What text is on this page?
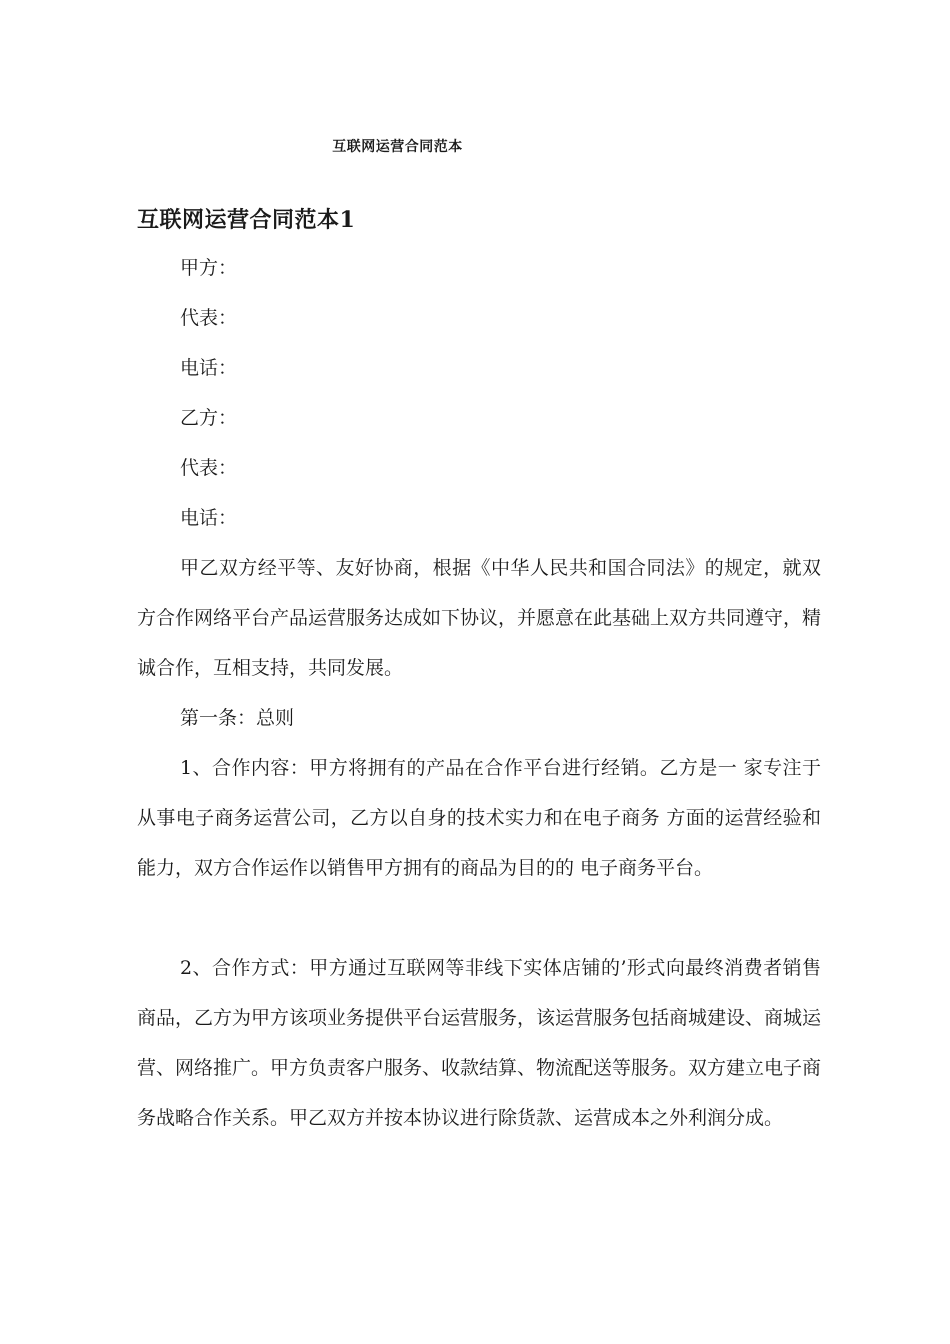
互联网运营合同范本
互联网运营合同范本1
甲方：
代表：
电话：
乙方：
代表：
电话：

甲乙双方经平等、友好协商，根据《中华人民共和国合同法》的规定，就双方合作网络平台产品运营服务达成如下协议，并愿意在此基础上双方共同遵守，精诚合作，互相支持，共同发展。

第一条：总则

1、合作内容：甲方将拥有的产品在合作平台进行经销。乙方是一 家专注于从事电子商务运营公司，乙方以自身的技术实力和在电子商务 方面的运营经验和能力，双方合作运作以销售甲方拥有的商品为目的的 电子商务平台。

2、合作方式：甲方通过互联网等非线下实体店铺的’形式向最终消费者销售商品，乙方为甲方该项业务提供平台运营服务，该运营服务包括商城建设、商城运营、网络推广。甲方负责客户服务、收款结算、物流配送等服务。双方建立电子商务战略合作关系。甲乙双方并按本协议进行除货款、运营成本之外利润分成。
